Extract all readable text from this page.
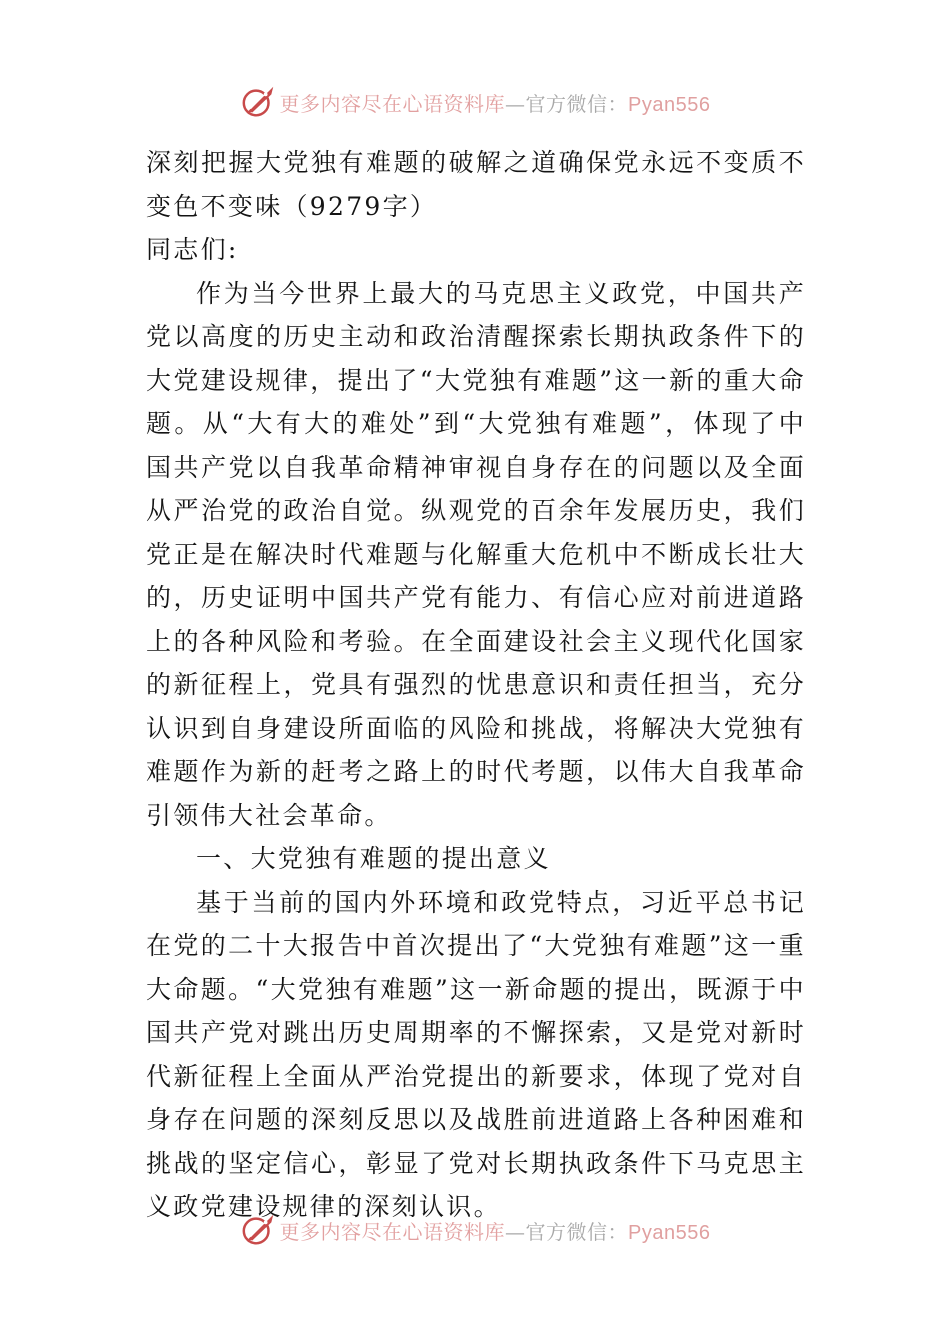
更多内容尽在心语资料库—官方微信：Pyan556

深刻把握大党独有难题的破解之道确保党永远不变质不变色不变味（9279字）

同志们:

作为当今世界上最大的马克思主义政党，中国共产党以高度的历史主动和政治清醒探索长期执政条件下的大党建设规律，提出了“大党独有难题”这一新的重大命题。从“大有大的难处”到“大党独有难题”，体现了中国共产党以自我革命精神审视自身存在的问题以及全面从严治党的政治自觉。纵观党的百余年发展历史，我们党正是在解决时代难题与化解重大危机中不断成长壮大的，历史证明中国共产党有能力、有信心应对前进道路上的各种风险和考验。在全面建设社会主义现代化国家的新征程上，党具有强烈的忧患意识和责任担当，充分认识到自身建设所面临的风险和挑战，将解决大党独有难题作为新的赶考之路上的时代考题，以伟大自我革命引领伟大社会革命。

一、大党独有难题的提出意义

基于当前的国内外环境和政党特点，习近平总书记在党的二十大报告中首次提出了“大党独有难题”这一重大命题。“大党独有难题”这一新命题的提出，既源于中国共产党对跳出历史周期率的不懈探索，又是党对新时代新征程上全面从严治党提出的新要求，体现了党对自身存在问题的深刻反思以及战胜前进道路上各种困难和挑战的坚定信心，彰显了党对长期执政条件下马克思主义政党建设规律的深刻认识。

更多内容尽在心语资料库—官方微信：Pyan556
